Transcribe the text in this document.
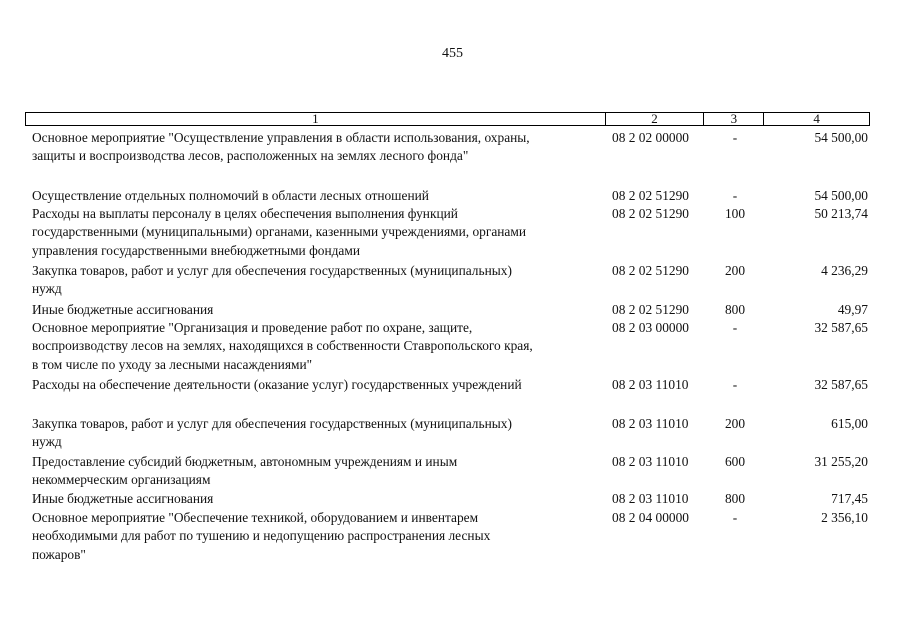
455
1	2	3	4
Основное мероприятие "Осуществление управления в области использования, охраны,
защиты и воспроизводства лесов, расположенных на землях лесного фонда"
08 2 02 00000	-	54 500,00
Осуществление отдельных полномочий в области лесных отношений	08 2 02 51290	-	54 500,00
Расходы на выплаты персоналу в целях обеспечения выполнения функций
государственными (муниципальными) органами, казенными учреждениями, органами
управления государственными внебюджетными фондами
08 2 02 51290	100	50 213,74
Закупка товаров, работ и услуг для обеспечения государственных (муниципальных)
нужд
08 2 02 51290	200	4 236,29
Иные бюджетные ассигнования	08 2 02 51290	800	49,97
Основное мероприятие "Организация и проведение работ по охране, защите,
воспроизводству лесов на землях, находящихся в собственности Ставропольского края,
в том числе по уходу за лесными насаждениями"
08 2 03 00000	-	32 587,65
Расходы на обеспечение деятельности (оказание услуг) государственных учреждений	08 2 03 11010	-	32 587,65
Закупка товаров, работ и услуг для обеспечения государственных (муниципальных)
нужд
08 2 03 11010	200	615,00
Предоставление субсидий бюджетным, автономным учреждениям и иным
некоммерческим организациям
08 2 03 11010	600	31 255,20
Иные бюджетные ассигнования	08 2 03 11010	800	717,45
Основное мероприятие "Обеспечение техникой, оборудованием и инвентарем
необходимыми для работ по тушению и недопущению распространения лесных
пожаров"
08 2 04 00000	-	2 356,10
